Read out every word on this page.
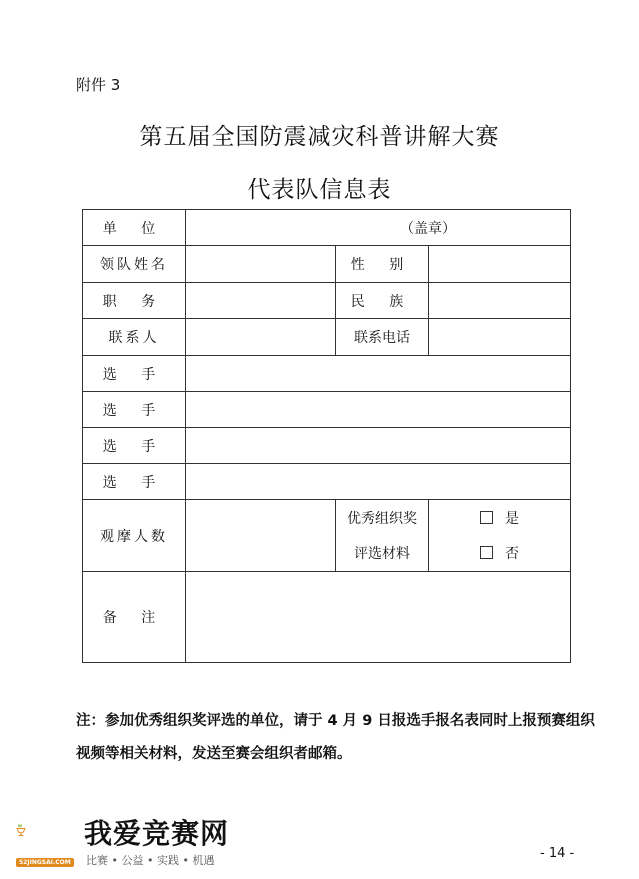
附件 3
第五届全国防震减灾科普讲解大赛
代表队信息表
单 位	（盖章）		
领队姓名		性 别	
职 务		民 族	
联系人		联系电话	
选 手			
选 手			
选 手			
选 手			
观摩人数		优秀组织奖	是
		评选材料	否
备 注			
注：参加优秀组织奖评选的单位，请于 4 月 9 日报选手报名表同时上报预赛组织视频等相关材料，发送至赛会组织者邮箱。
52JINGSAI.COM
我爱竞赛网
比赛 • 公益 • 实践 • 机遇	- 14 -
